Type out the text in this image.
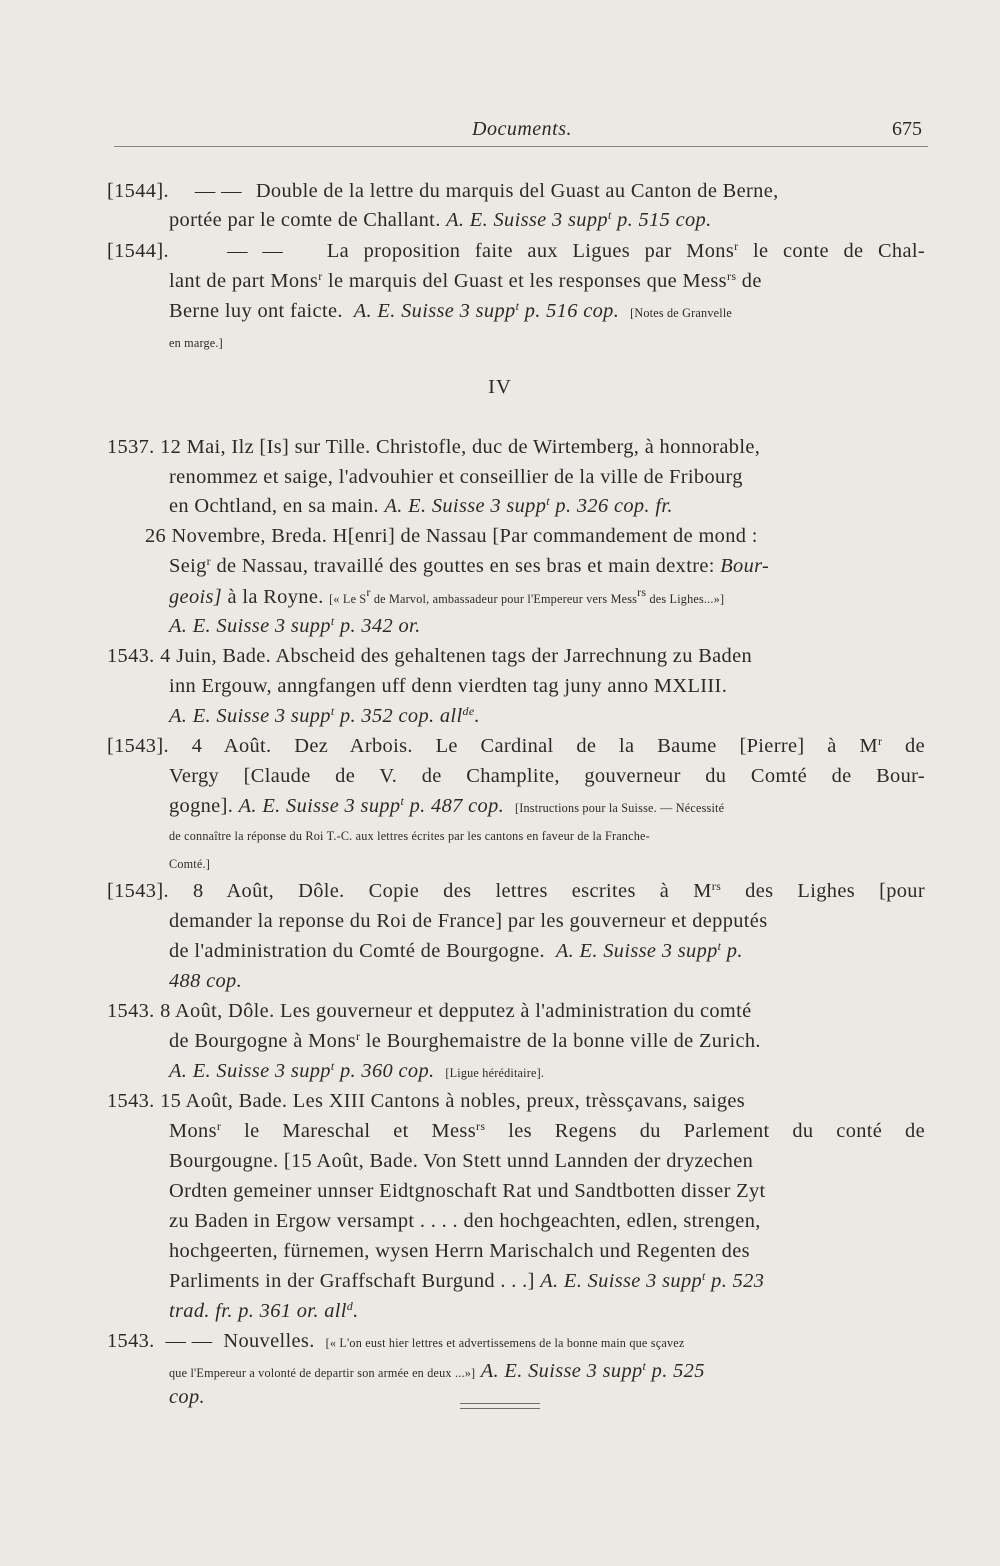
Documents.	675
[1544]. — — Double de la lettre du marquis del Guast au Canton de Berne,
portée par le comte de Challant. A. E. Suisse 3 supp$^t$ p. 515 cop.
[1544].	— — La proposition faite aux Ligues par Mons$^r$ le conte de Chal-
lant de part Mons$^r$ le marquis del Guast et les responses que Mess$^{rs}$ de
Berne luy ont faicte. A. E. Suisse 3 supp$^t$ p. 516 cop. [Notes de Granvelle
en marge.]
IV
1537. 12 Mai, Ilz [Is] sur Tille. Christofle, duc de Wirtemberg, à honnorable,
renommez et saige, l'advouhier et conseillier de la ville de Fribourg
en Ochtland, en sa main. A. E. Suisse 3 supp$^t$ p. 326 cop. fr.
26 Novembre, Breda. H[enri] de Nassau [Par commandement de mond :
Seig$^r$ de Nassau, travaillé des gouttes en ses bras et main dextre: Bour-
geois] à la Royne. [« Le $S^r$ de Marvol, ambassadeur pour l'Empereur vers Mess$^{rs}$ des Lighes...»]
A. E. Suisse 3 supp$^t$ p. 342 or.
1543. 4 Juin, Bade. Abscheid des gehaltenen tags der Jarrechnung zu Baden
inn Ergouw, anngfangen uff denn vierdten tag juny anno MXLIII.
A. E. Suisse 3 supp$^t$ p. 352 cop. all$^{de}$.
[1543]. 4 Août. Dez Arbois. Le Cardinal de la Baume [Pierre] à $M^r$ de
Vergy [Claude de V. de Champlite, gouverneur du Comté de Bour-
gogne]. A. E. Suisse 3 supp$^t$ p. 487 cop. [Instructions pour la Suisse. — Nécessité
de connaître la réponse du Roi T.-C. aux lettres écrites par les cantons en faveur de la Franche-
Comté.]
[1543]. 8 Août, Dôle. Copie des lettres escrites à $M^{rs}$ des Lighes [pour
demander la reponse du Roi de France] par les gouverneur et depputés
de l'administration du Comté de Bourgogne. A. E. Suisse 3 supp$^t$ p.
488 cop.
1543. 8 Août, Dôle. Les gouverneur et depputez à l'administration du comté
de Bourgogne à Mons$^r$ le Bourghemaistre de la bonne ville de Zurich.
A. E. Suisse 3 supp$^t$ p. 360 cop. [Ligue héréditaire].
1543. 15 Août, Bade. Les XIII Cantons à nobles, preux, trèssçavans, saiges
Mons$^r$ le Mareschal et Mess$^{rs}$ les Regens du Parlement du conté de
Bourgougne. [15 Août, Bade. Von Stett unnd Lannden der dryzechen
Ordten gemeiner unnser Eidtgnoschaft Rat und Sandtbotten disser Zyt
zu Baden in Ergow versampt . . . . den hochgeachten, edlen, strengen,
hochgeerten, fürnemen, wysen Herrn Marischalch und Regenten des
Parliments in der Graffschaft Burgund . . .] A. E. Suisse 3 supp$^t$ p. 523
trad. fr. p. 361 or. all$^d$.
1543. — — Nouvelles. [« L'on eust hier lettres et advertissemens de la bonne main que sçavez
que l'Empereur a volonté de departir son armée en deux ...»] A. E. Suisse 3 supp$^t$ p. 525
cop.
